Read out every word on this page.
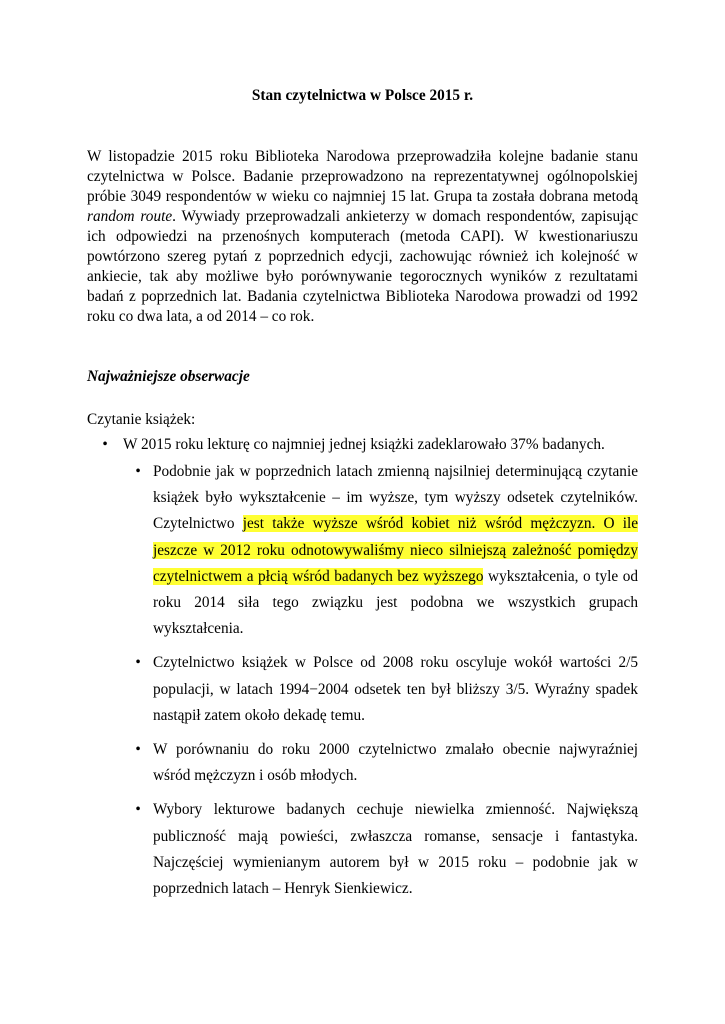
Stan czytelnictwa w Polsce 2015 r.

W listopadzie 2015 roku Biblioteka Narodowa przeprowadziła kolejne badanie stanu czytelnictwa w Polsce. Badanie przeprowadzono na reprezentatywnej ogólnopolskiej próbie 3049 respondentów w wieku co najmniej 15 lat. Grupa ta została dobrana metodą random route. Wywiady przeprowadzali ankieterzy w domach respondentów, zapisując ich odpowiedzi na przenośnych komputerach (metoda CAPI). W kwestionariuszu powtórzono szereg pytań z poprzednich edycji, zachowując również ich kolejność w ankiecie, tak aby możliwe było porównywanie tegorocznych wyników z rezultatami badań z poprzednich lat. Badania czytelnictwa Biblioteka Narodowa prowadzi od 1992 roku co dwa lata, a od 2014 – co rok.

Najważniejsze obserwacje

Czytanie książek:

•	W 2015 roku lekturę co najmniej jednej książki zadeklarowało 37% badanych.
• Podobnie jak w poprzednich latach zmienną najsilniej determinującą czytanie książek było wykształcenie – im wyższe, tym wyższy odsetek czytelników. Czytelnictwo jest także wyższe wśród kobiet niż wśród mężczyzn. O ile jeszcze w 2012 roku odnotowywaliśmy nieco silniejszą zależność pomiędzy czytelnictwem a płcią wśród badanych bez wyższego wykształcenia, o tyle od roku 2014 siła tego związku jest podobna we wszystkich grupach wykształcenia.
• Czytelnictwo książek w Polsce od 2008 roku oscyluje wokół wartości 2/5 populacji, w latach 1994−2004 odsetek ten był bliższy 3/5. Wyraźny spadek nastąpił zatem około dekadę temu.
• W porównaniu do roku 2000 czytelnictwo zmalało obecnie najwyraźniej wśród mężczyzn i osób młodych.
• Wybory lekturowe badanych cechuje niewielka zmienność. Największą publiczność mają powieści, zwłaszcza romanse, sensacje i fantastyka. Najczęściej wymienianym autorem był w 2015 roku – podobnie jak w poprzednich latach – Henryk Sienkiewicz.
